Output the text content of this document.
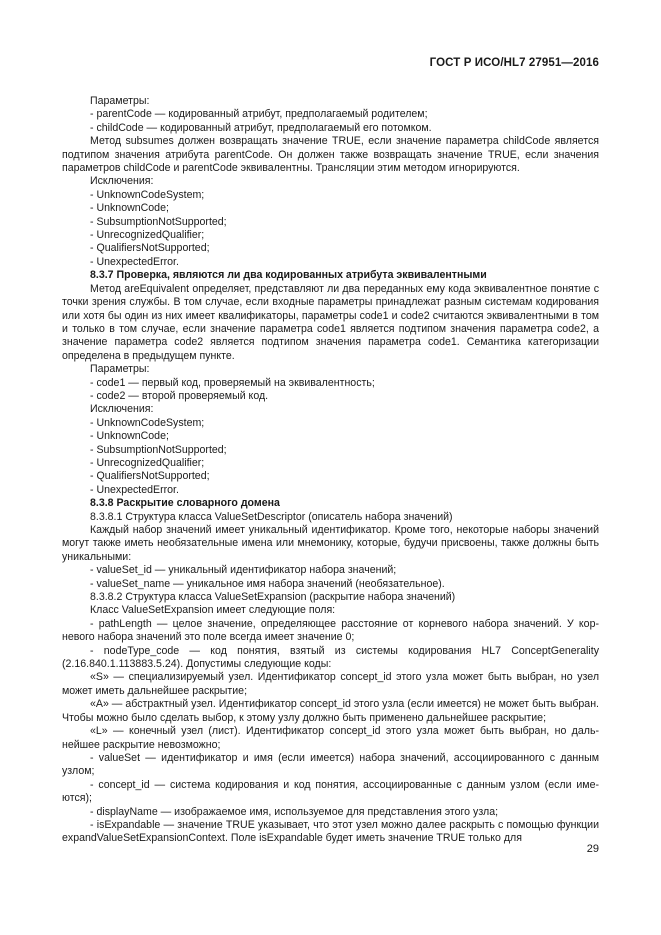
ГОСТ Р ИСО/HL7 27951—2016

Параметры:

- parentCode — кодированный атрибут, предполагаемый родителем;

- childCode — кодированный атрибут, предполагаемый его потомком.

Метод subsumes должен возвращать значение TRUE, если значение параметра childCode является подтипом значения атрибута parentCode. Он должен также возвращать значение TRUE, если значения параметров childCode и parentCode эквивалентны. Трансляции этим методом игнорируются.

Исключения:

- UnknownCodeSystem;

- UnknownCode;

- SubsumptionNotSupported;

- UnrecognizedQualifier;

- QualifiersNotSupported;

- UnexpectedError.

8.3.7 Проверка, являются ли два кодированных атрибута эквивалентными

Метод areEquivalent определяет, представляют ли два переданных ему кода эквивалентное понятие с точки зрения службы. В том случае, если входные параметры принадлежат разным системам кодирования или хотя бы один из них имеет квалификаторы, параметры code1 и code2 считаются эквивалентными в том и только в том случае, если значение параметра code1 является подтипом значения параметра code2, а значение параметра code2 является подтипом значения параметра code1. Семантика категоризации определена в предыдущем пункте.

Параметры:

- code1 — первый код, проверяемый на эквивалентность;

- code2 — второй проверяемый код.

Исключения:

- UnknownCodeSystem;

- UnknownCode;

- SubsumptionNotSupported;

- UnrecognizedQualifier;

- QualifiersNotSupported;

- UnexpectedError.

8.3.8 Раскрытие словарного домена

8.3.8.1 Структура класса ValueSetDescriptor (описатель набора значений)

Каждый набор значений имеет уникальный идентификатор. Кроме того, некоторые наборы значений могут также иметь необязательные имена или мнемонику, которые, будучи присвоены, также должны быть уникальными:

- valueSet_id — уникальный идентификатор набора значений;

- valueSet_name — уникальное имя набора значений (необязательное).

8.3.8.2 Структура класса ValueSetExpansion (раскрытие набора значений)

Класс ValueSetExpansion имеет следующие поля:

- pathLength — целое значение, определяющее расстояние от корневого набора значений. У корневого набора значений это поле всегда имеет значение 0;

- nodeType_code — код понятия, взятый из системы кодирования HL7 ConceptGenerality (2.16.840.1.113883.5.24). Допустимы следующие коды:

«S» — специализируемый узел. Идентификатор concept_id этого узла может быть выбран, но узел может иметь дальнейшее раскрытие;

«A» — абстрактный узел. Идентификатор concept_id этого узла (если имеется) не может быть выбран. Чтобы можно было сделать выбор, к этому узлу должно быть применено дальнейшее раскрытие;

«L» — конечный узел (лист). Идентификатор concept_id этого узла может быть выбран, но дальнейшее раскрытие невозможно;

- valueSet — идентификатор и имя (если имеется) набора значений, ассоциированного с данным узлом;

- concept_id — система кодирования и код понятия, ассоциированные с данным узлом (если имеются);

- displayName — изображаемое имя, используемое для представления этого узла;

- isExpandable — значение TRUE указывает, что этот узел можно далее раскрыть с помощью функции expandValueSetExpansionContext. Поле isExpandable будет иметь значение TRUE только для

29
